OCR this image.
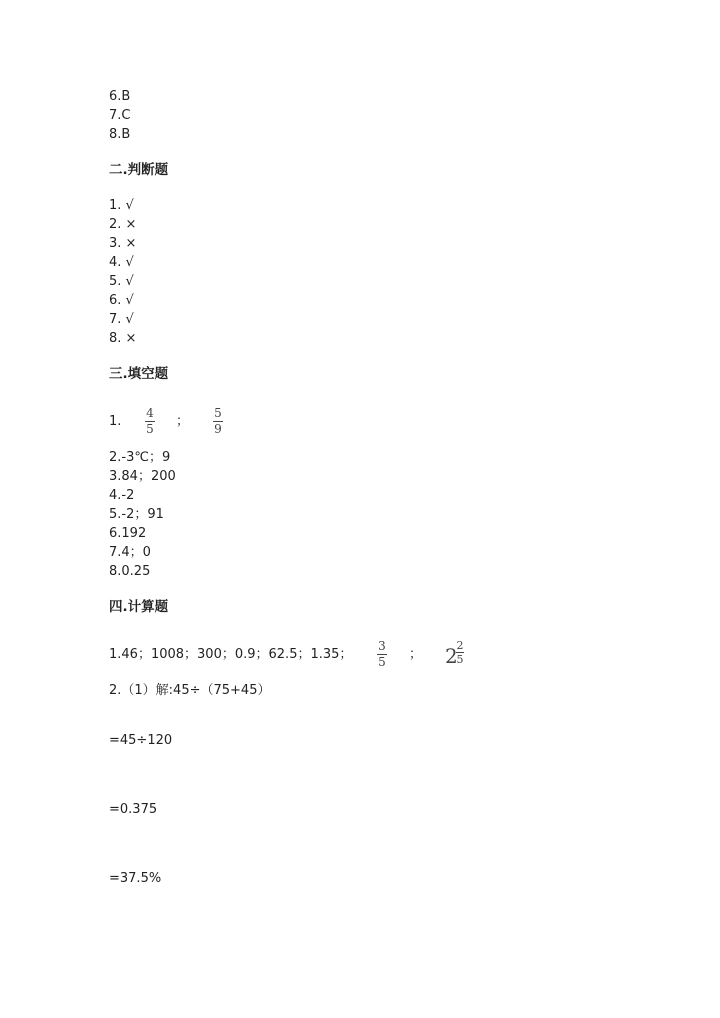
6.B
7.C
8.B
二.判断题
1. √
2. ×
3. ×
4. √
5. √
6. √
7. √
8. ×
三.填空题
1.
4
5 ；
5
9
2.-3℃；9
3.84；200
4.-2
5.-2；91
6.192
7.4；0
8.0.25
四.计算题
1.46；1008；300；0.9；62.5；1.35；
3
5 ； 2
2
5
2.（1）解:45÷（75+45）
=45÷120
=0.375
=37.5%
